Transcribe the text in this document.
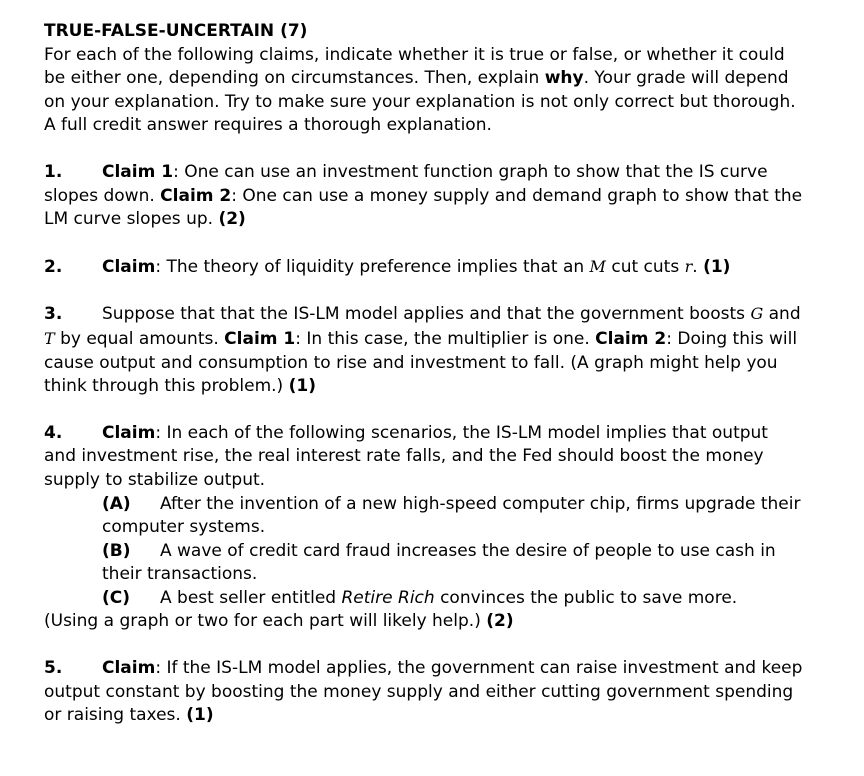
TRUE-FALSE-UNCERTAIN (7)

For each of the following claims, indicate whether it is true or false, or whether it could be either one, depending on circumstances. Then, explain why. Your grade will depend on your explanation. Try to make sure your explanation is not only correct but thorough. A full credit answer requires a thorough explanation.

1. Claim 1: One can use an investment function graph to show that the IS curve slopes down. Claim 2: One can use a money supply and demand graph to show that the LM curve slopes up. (2)

2. Claim: The theory of liquidity preference implies that an M cut cuts r. (1)

3. Suppose that that the IS-LM model applies and that the government boosts G and T by equal amounts. Claim 1: In this case, the multiplier is one. Claim 2: Doing this will cause output and consumption to rise and investment to fall. (A graph might help you think through this problem.) (1)

4. Claim: In each of the following scenarios, the IS-LM model implies that output and investment rise, the real interest rate falls, and the Fed should boost the money supply to stabilize output.

(A) After the invention of a new high-speed computer chip, firms upgrade their computer systems.

(B) A wave of credit card fraud increases the desire of people to use cash in their transactions.

(C) A best seller entitled Retire Rich convinces the public to save more.

(Using a graph or two for each part will likely help.) (2)

5. Claim: If the IS-LM model applies, the government can raise investment and keep output constant by boosting the money supply and either cutting government spending or raising taxes. (1)
